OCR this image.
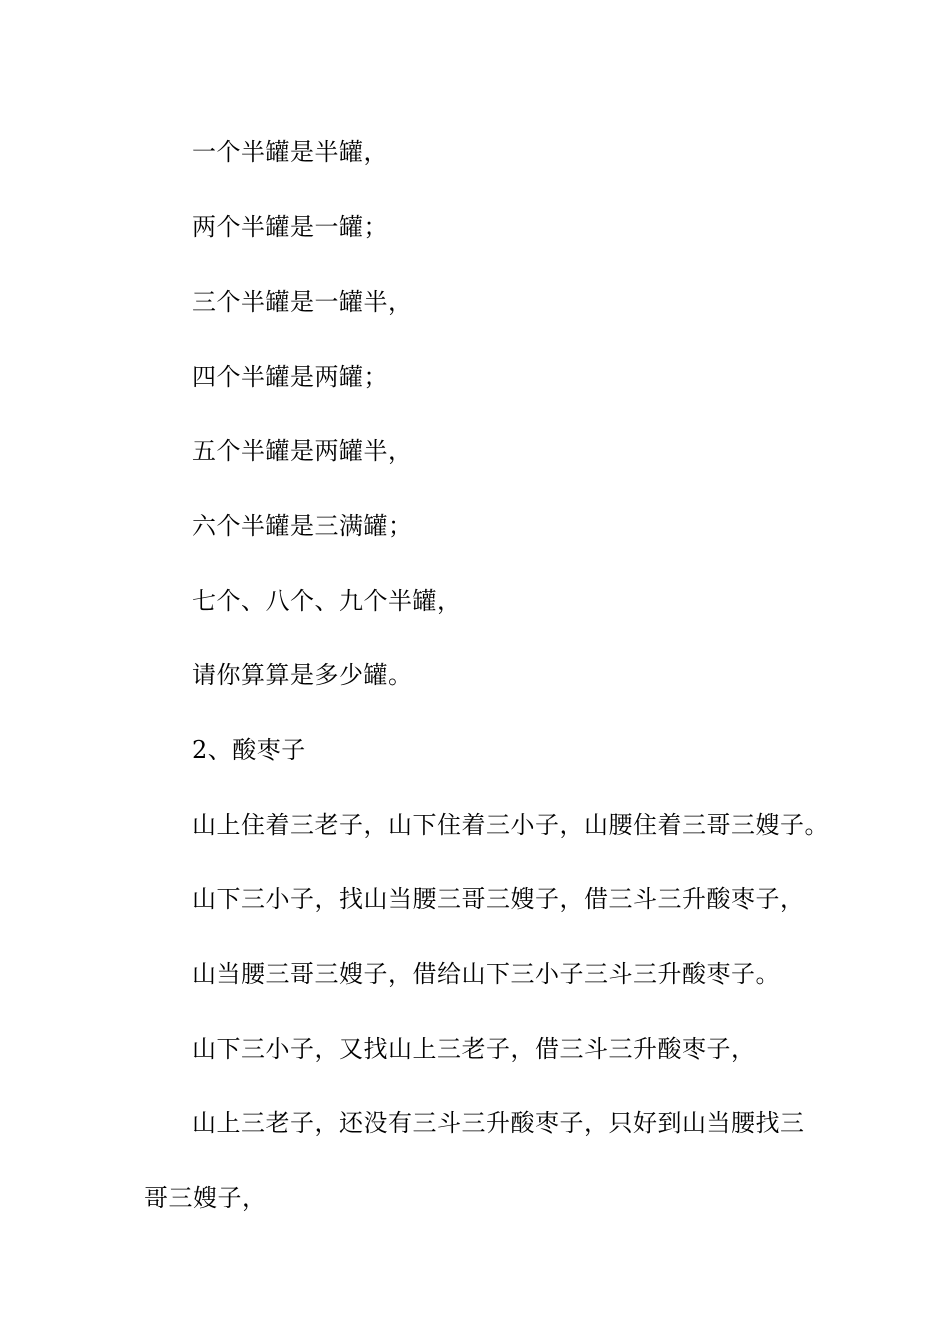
一个半罐是半罐，
两个半罐是一罐；
三个半罐是一罐半，
四个半罐是两罐；
五个半罐是两罐半，
六个半罐是三满罐；
七个、八个、九个半罐，
请你算算是多少罐。
2、酸枣子
山上住着三老子，山下住着三小子，山腰住着三哥三嫂子。
山下三小子，找山当腰三哥三嫂子，借三斗三升酸枣子，
山当腰三哥三嫂子，借给山下三小子三斗三升酸枣子。
山下三小子，又找山上三老子，借三斗三升酸枣子，
山上三老子，还没有三斗三升酸枣子，只好到山当腰找三
哥三嫂子，
